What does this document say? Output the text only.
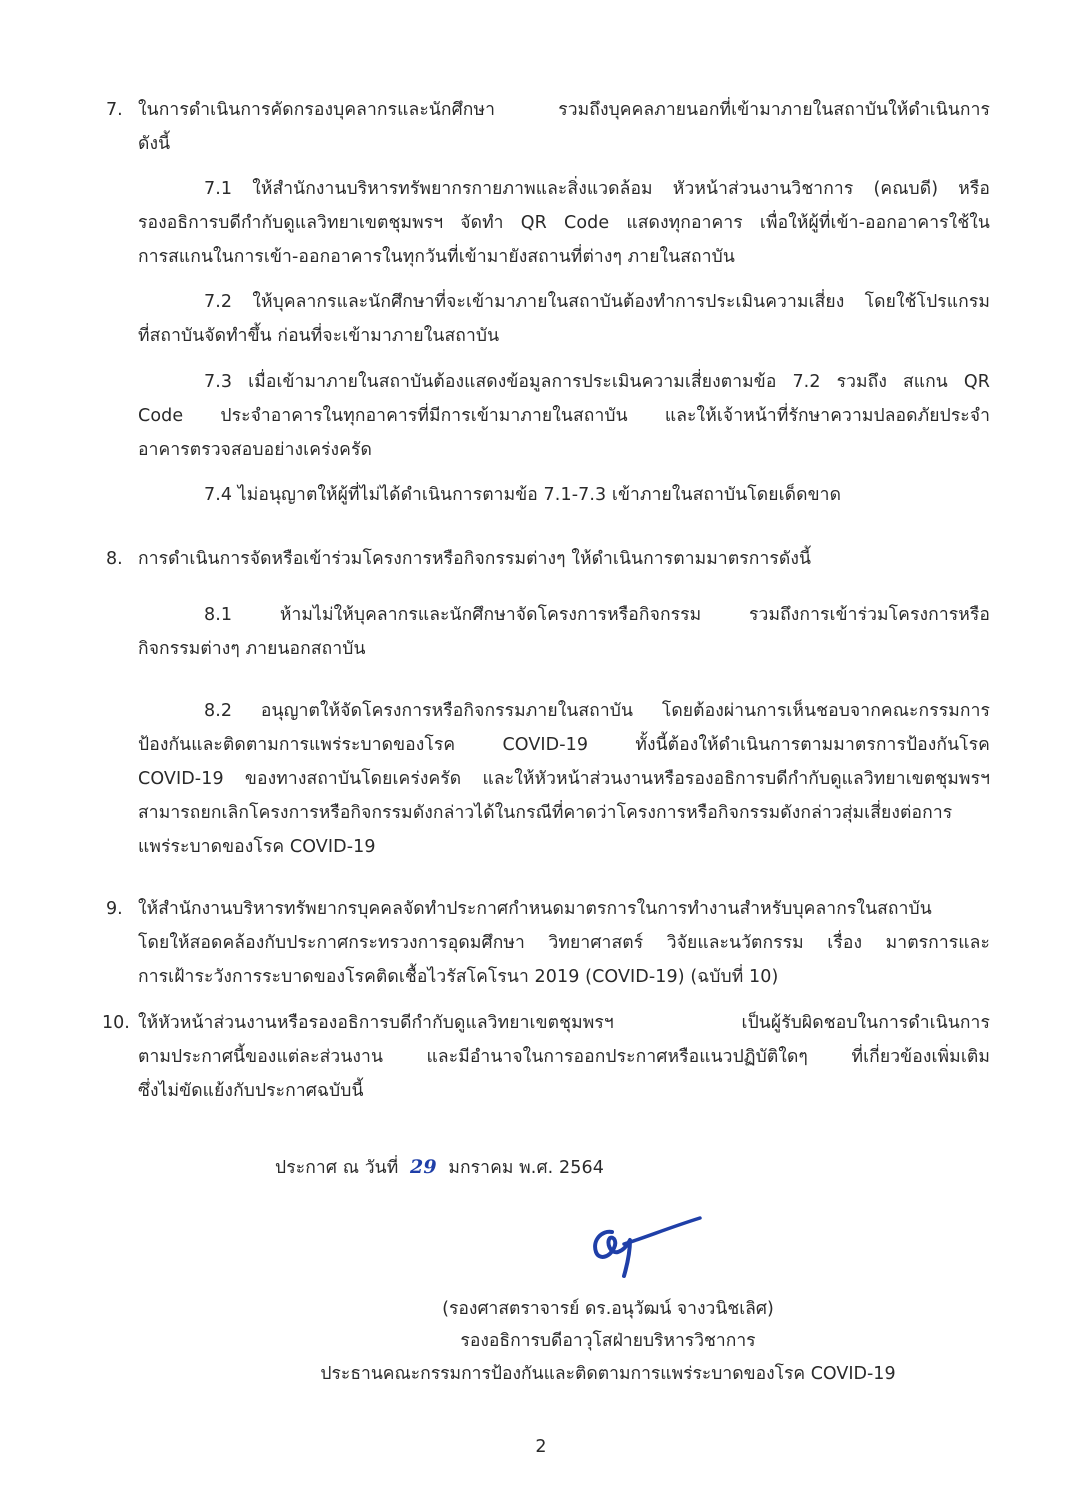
7. ในการดำเนินการคัดกรองบุคลากรและนักศึกษา รวมถึงบุคคลภายนอกที่เข้ามาภายในสถาบันให้ดำเนินการ
ดังนี้
7.1 ให้สำนักงานบริหารทรัพยากรกายภาพและสิ่งแวดล้อม หัวหน้าส่วนงานวิชาการ (คณบดี) หรือ
รองอธิการบดีกำกับดูแลวิทยาเขตชุมพรฯ จัดทำ QR Code แสดงทุกอาคาร เพื่อให้ผู้ที่เข้า-ออกอาคารใช้ใน
การสแกนในการเข้า-ออกอาคารในทุกวันที่เข้ามายังสถานที่ต่างๆ ภายในสถาบัน
7.2 ให้บุคลากรและนักศึกษาที่จะเข้ามาภายในสถาบันต้องทำการประเมินความเสี่ยง โดยใช้โปรแกรม
ที่สถาบันจัดทำขึ้น ก่อนที่จะเข้ามาภายในสถาบัน
7.3 เมื่อเข้ามาภายในสถาบันต้องแสดงข้อมูลการประเมินความเสี่ยงตามข้อ 7.2 รวมถึง สแกน QR
Code ประจำอาคารในทุกอาคารที่มีการเข้ามาภายในสถาบัน และให้เจ้าหน้าที่รักษาความปลอดภัยประจำ
อาคารตรวจสอบอย่างเคร่งครัด
7.4 ไม่อนุญาตให้ผู้ที่ไม่ได้ดำเนินการตามข้อ 7.1-7.3 เข้าภายในสถาบันโดยเด็ดขาด
8. การดำเนินการจัดหรือเข้าร่วมโครงการหรือกิจกรรมต่างๆ ให้ดำเนินการตามมาตรการดังนี้
8.1 ห้ามไม่ให้บุคลากรและนักศึกษาจัดโครงการหรือกิจกรรม รวมถึงการเข้าร่วมโครงการหรือ
กิจกรรมต่างๆ ภายนอกสถาบัน
8.2 อนุญาตให้จัดโครงการหรือกิจกรรมภายในสถาบัน โดยต้องผ่านการเห็นชอบจากคณะกรรมการ
ป้องกันและติดตามการแพร่ระบาดของโรค COVID-19 ทั้งนี้ต้องให้ดำเนินการตามมาตรการป้องกันโรค
COVID-19 ของทางสถาบันโดยเคร่งครัด และให้หัวหน้าส่วนงานหรือรองอธิการบดีกำกับดูแลวิทยาเขตชุมพรฯ
สามารถยกเลิกโครงการหรือกิจกรรมดังกล่าวได้ในกรณีที่คาดว่าโครงการหรือกิจกรรมดังกล่าวสุ่มเสี่ยงต่อการ
แพร่ระบาดของโรค COVID-19
9. ให้สำนักงานบริหารทรัพยากรบุคคลจัดทำประกาศกำหนดมาตรการในการทำงานสำหรับบุคลากรในสถาบัน
โดยให้สอดคล้องกับประกาศกระทรวงการอุดมศึกษา วิทยาศาสตร์ วิจัยและนวัตกรรม เรื่อง มาตรการและ
การเฝ้าระวังการระบาดของโรคติดเชื้อไวรัสโคโรนา 2019 (COVID-19) (ฉบับที่ 10)
10. ให้หัวหน้าส่วนงานหรือรองอธิการบดีกำกับดูแลวิทยาเขตชุมพรฯ เป็นผู้รับผิดชอบในการดำเนินการ
ตามประกาศนี้ของแต่ละส่วนงาน และมีอำนาจในการออกประกาศหรือแนวปฏิบัติใดๆ ที่เกี่ยวข้องเพิ่มเติม
ซึ่งไม่ขัดแย้งกับประกาศฉบับนี้
ประกาศ ณ วันที่ 29 มกราคม พ.ศ. 2564
(รองศาสตราจารย์ ดร.อนุวัฒน์ จางวนิชเลิศ)
รองอธิการบดีอาวุโสฝ่ายบริหารวิชาการ
ประธานคณะกรรมการป้องกันและติดตามการแพร่ระบาดของโรค COVID-19
2
